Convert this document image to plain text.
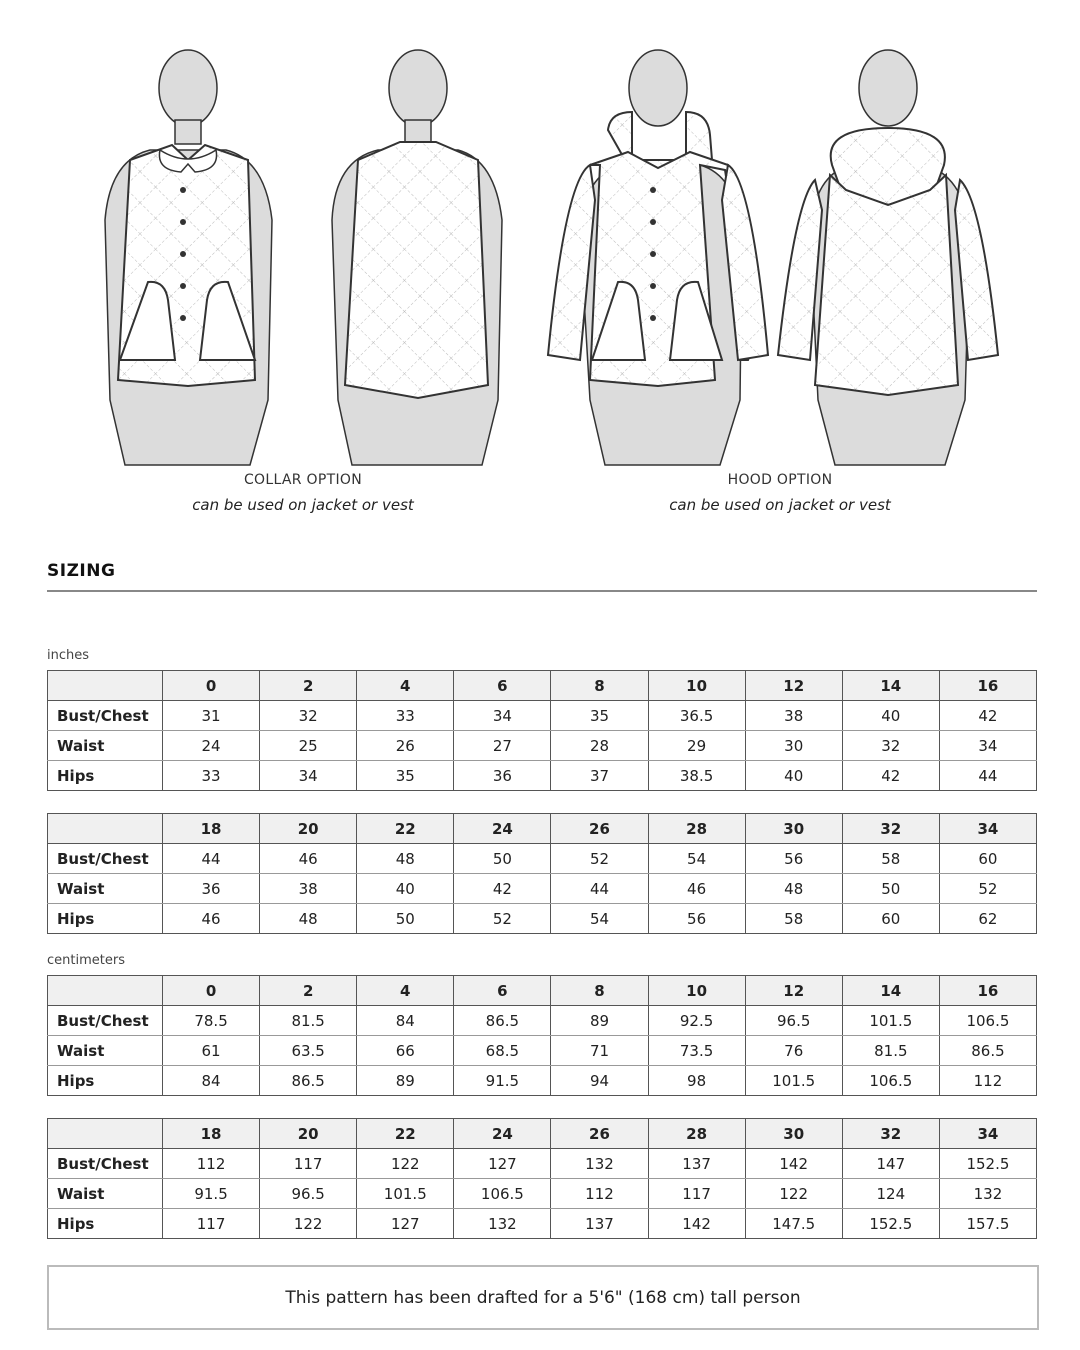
COLLAR OPTION
can be used on jacket or vest
HOOD OPTION
can be used on jacket or vest
SIZING
inches
	0	2	4	6	8	10	12	14	16
Bust/Chest	31	32	33	34	35	36.5	38	40	42
Waist	24	25	26	27	28	29	30	32	34
Hips	33	34	35	36	37	38.5	40	42	44
	18	20	22	24	26	28	30	32	34
Bust/Chest	44	46	48	50	52	54	56	58	60
Waist	36	38	40	42	44	46	48	50	52
Hips	46	48	50	52	54	56	58	60	62
centimeters
	0	2	4	6	8	10	12	14	16
Bust/Chest	78.5	81.5	84	86.5	89	92.5	96.5	101.5	106.5
Waist	61	63.5	66	68.5	71	73.5	76	81.5	86.5
Hips	84	86.5	89	91.5	94	98	101.5	106.5	112
	18	20	22	24	26	28	30	32	34
Bust/Chest	112	117	122	127	132	137	142	147	152.5
Waist	91.5	96.5	101.5	106.5	112	117	122	124	132
Hips	117	122	127	132	137	142	147.5	152.5	157.5
This pattern has been drafted for a 5'6" (168 cm) tall person
